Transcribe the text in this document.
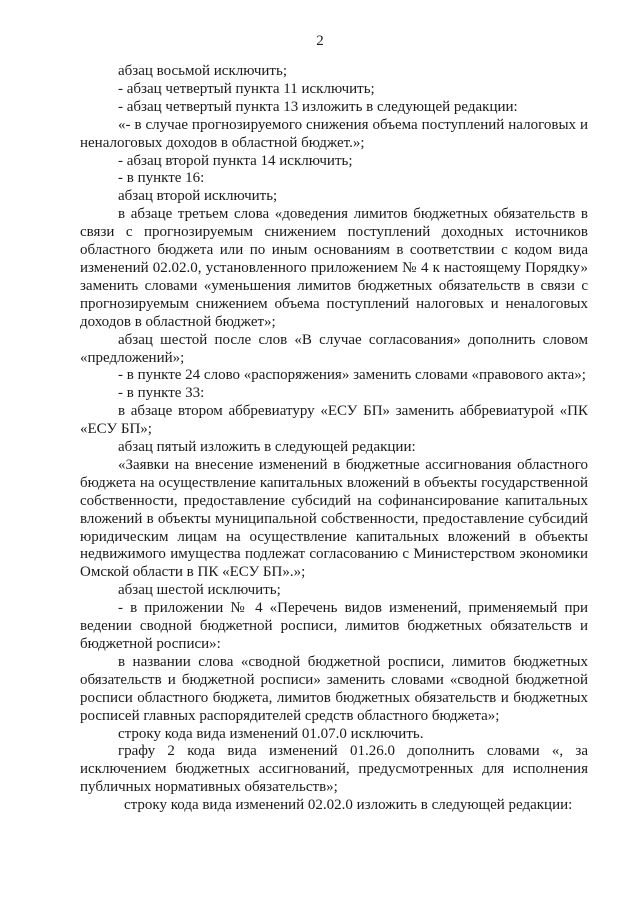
2

абзац восьмой исключить;

- абзац четвертый пункта 11 исключить;

- абзац четвертый пункта 13 изложить в следующей редакции:

«- в случае прогнозируемого снижения объема поступлений налоговых и неналоговых доходов в областной бюджет.»;

- абзац второй пункта 14 исключить;

- в пункте 16:

абзац второй исключить;

в абзаце третьем слова «доведения лимитов бюджетных обязательств в связи с прогнозируемым снижением поступлений доходных источников областного бюджета или по иным основаниям в соответствии с кодом вида изменений 02.02.0, установленного приложением № 4 к настоящему Порядку» заменить словами «уменьшения лимитов бюджетных обязательств в связи с прогнозируемым снижением объема поступлений налоговых и неналоговых доходов в областной бюджет»;

абзац шестой после слов «В случае согласования» дополнить словом «предложений»;

- в пункте 24 слово «распоряжения» заменить словами «правового акта»;

- в пункте 33:

в абзаце втором аббревиатуру «ЕСУ БП» заменить аббревиатурой «ПК «ЕСУ БП»;

абзац пятый изложить в следующей редакции:

«Заявки на внесение изменений в бюджетные ассигнования областного бюджета на осуществление капитальных вложений в объекты государственной собственности, предоставление субсидий на софинансирование капитальных вложений в объекты муниципальной собственности, предоставление субсидий юридическим лицам на осуществление капитальных вложений в объекты недвижимого имущества подлежат согласованию с Министерством экономики Омской области в ПК «ЕСУ БП».»;

абзац шестой исключить;

- в приложении № 4 «Перечень видов изменений, применяемый при ведении сводной бюджетной росписи, лимитов бюджетных обязательств и бюджетной росписи»:

в названии слова «сводной бюджетной росписи, лимитов бюджетных обязательств и бюджетной росписи» заменить словами «сводной бюджетной росписи областного бюджета, лимитов бюджетных обязательств и бюджетных росписей главных распорядителей средств областного бюджета»;

строку кода вида изменений 01.07.0 исключить.

графу 2 кода вида изменений 01.26.0 дополнить словами «, за исключением бюджетных ассигнований, предусмотренных для исполнения публичных нормативных обязательств»;

строку кода вида изменений 02.02.0 изложить в следующей редакции:
